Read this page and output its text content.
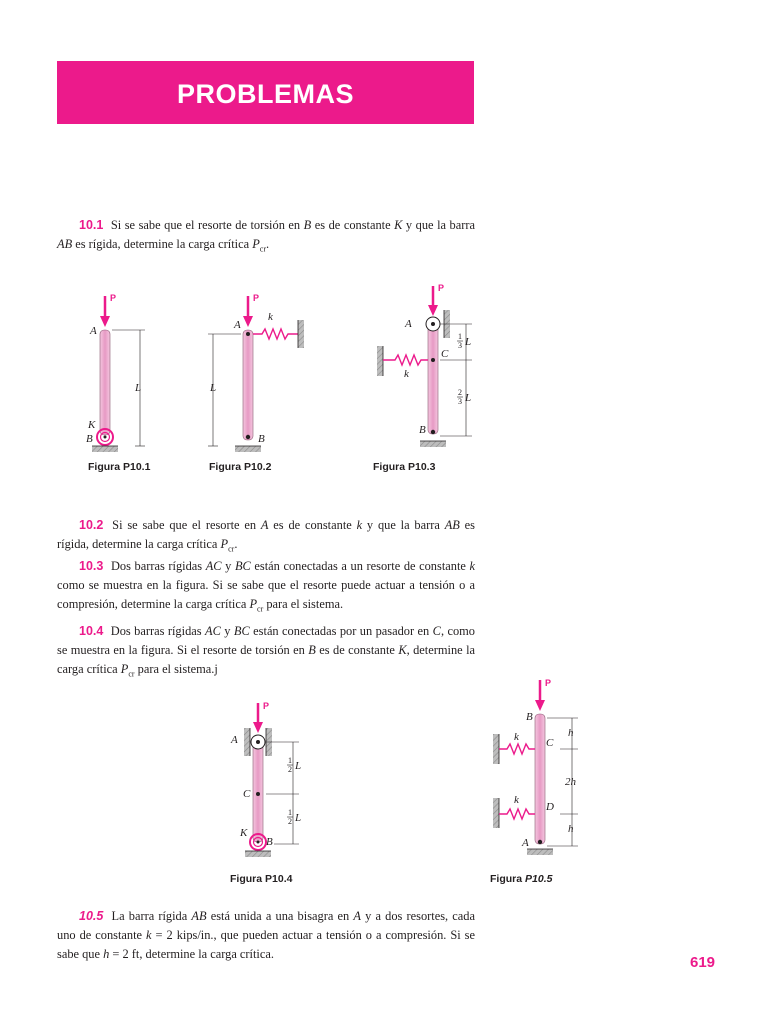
PROBLEMAS
10.1 Si se sabe que el resorte de torsión en B es de constante K y que la barra AB es rígida, determine la carga crítica $P_{cr}$.
10.2 Si se sabe que el resorte en A es de constante k y que la barra AB es rígida, determine la carga crítica $P_{cr}$.
10.3 Dos barras rígidas AC y BC están conectadas a un resorte de constante k como se muestra en la figura. Si se sabe que el resorte puede actuar a tensión o a compresión, determine la carga crítica $P_{cr}$ para el sistema.
10.4 Dos barras rígidas AC y BC están conectadas por un pasador en C, como se muestra en la figura. Si el resorte de torsión en B es de constante K, determine la carga crítica $P_{cr}$ para el sistema.j
10.5 La barra rígida AB está unida a una bisagra en A y a dos resortes, cada uno de constante k = 2 kips/in., que pueden actuar a tensión o a compresión. Si se sabe que h = 2 ft, determine la carga crítica.
Figura P10.1	Figura P10.2	Figura P10.3
Figura P10.4	Figura P10.5
619
P
A
K
B
L
P
A
k
B
L
P
A
C
k
B
1
3 L
2
3 L
P
A
C
K
B
1
2 L
1
2 L
P
B
k C
k
D
A
h
2h
h
